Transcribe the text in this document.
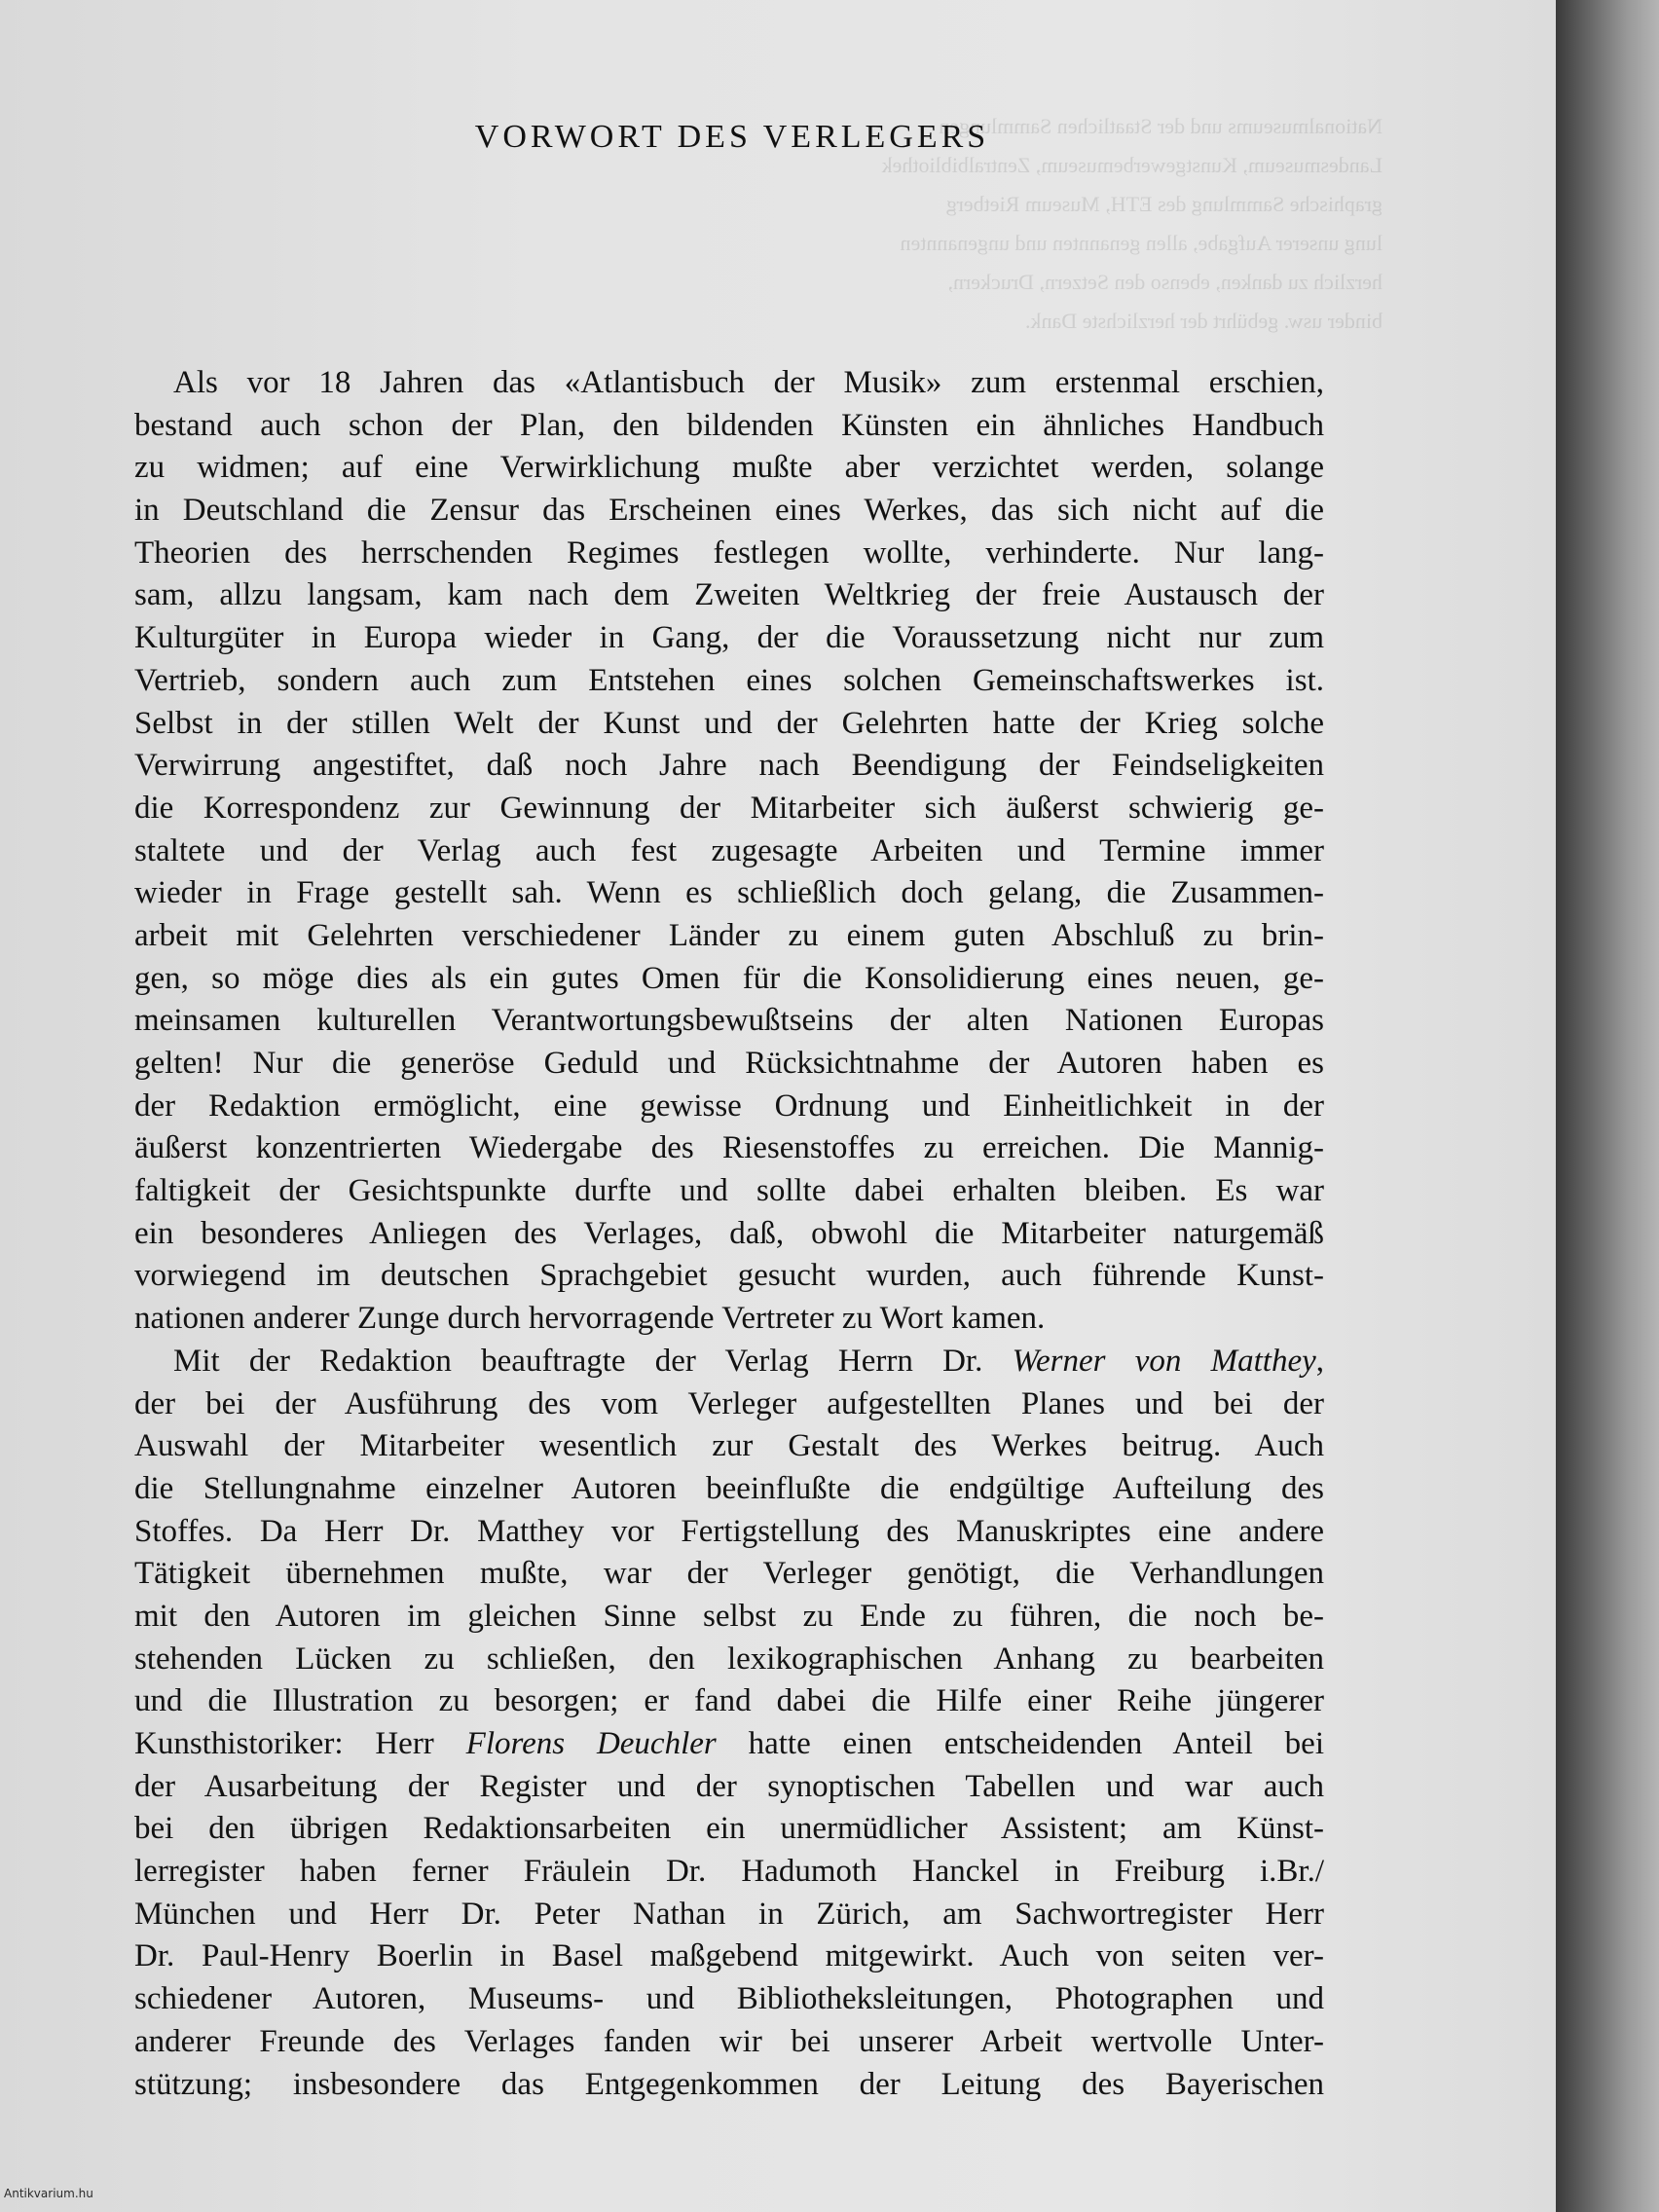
Nationalmuseums und der Staatlichen Sammlungen
Landesmuseum, Kunstgewerbemuseum, Zentralbibliothek
graphische Sammlung des ETH, Museum Rietberg
lung unserer Aufgabe, allen genannten und ungenannten
herzlich zu danken, ebenso den Setzern, Druckern,
binder usw. gebührt der herzlichste Dank.
VORWORT DES VERLEGERS
Als vor 18 Jahren das «Atlantisbuch der Musik» zum erstenmal erschien,
bestand auch schon der Plan, den bildenden Künsten ein ähnliches Handbuch
zu widmen; auf eine Verwirklichung mußte aber verzichtet werden, solange
in Deutschland die Zensur das Erscheinen eines Werkes, das sich nicht auf die
Theorien des herrschenden Regimes festlegen wollte, verhinderte. Nur lang-
sam, allzu langsam, kam nach dem Zweiten Weltkrieg der freie Austausch der
Kulturgüter in Europa wieder in Gang, der die Voraussetzung nicht nur zum
Vertrieb, sondern auch zum Entstehen eines solchen Gemeinschaftswerkes ist.
Selbst in der stillen Welt der Kunst und der Gelehrten hatte der Krieg solche
Verwirrung angestiftet, daß noch Jahre nach Beendigung der Feindseligkeiten
die Korrespondenz zur Gewinnung der Mitarbeiter sich äußerst schwierig ge-
staltete und der Verlag auch fest zugesagte Arbeiten und Termine immer
wieder in Frage gestellt sah. Wenn es schließlich doch gelang, die Zusammen-
arbeit mit Gelehrten verschiedener Länder zu einem guten Abschluß zu brin-
gen, so möge dies als ein gutes Omen für die Konsolidierung eines neuen, ge-
meinsamen kulturellen Verantwortungsbewußtseins der alten Nationen Europas
gelten! Nur die generöse Geduld und Rücksichtnahme der Autoren haben es
der Redaktion ermöglicht, eine gewisse Ordnung und Einheitlichkeit in der
äußerst konzentrierten Wiedergabe des Riesenstoffes zu erreichen. Die Mannig-
faltigkeit der Gesichtspunkte durfte und sollte dabei erhalten bleiben. Es war
ein besonderes Anliegen des Verlages, daß, obwohl die Mitarbeiter naturgemäß
vorwiegend im deutschen Sprachgebiet gesucht wurden, auch führende Kunst-
nationen anderer Zunge durch hervorragende Vertreter zu Wort kamen.
Mit der Redaktion beauftragte der Verlag Herrn Dr. Werner von Matthey,
der bei der Ausführung des vom Verleger aufgestellten Planes und bei der
Auswahl der Mitarbeiter wesentlich zur Gestalt des Werkes beitrug. Auch
die Stellungnahme einzelner Autoren beeinflußte die endgültige Aufteilung des
Stoffes. Da Herr Dr. Matthey vor Fertigstellung des Manuskriptes eine andere
Tätigkeit übernehmen mußte, war der Verleger genötigt, die Verhandlungen
mit den Autoren im gleichen Sinne selbst zu Ende zu führen, die noch be-
stehenden Lücken zu schließen, den lexikographischen Anhang zu bearbeiten
und die Illustration zu besorgen; er fand dabei die Hilfe einer Reihe jüngerer
Kunsthistoriker: Herr Florens Deuchler hatte einen entscheidenden Anteil bei
der Ausarbeitung der Register und der synoptischen Tabellen und war auch
bei den übrigen Redaktionsarbeiten ein unermüdlicher Assistent; am Künst-
lerregister haben ferner Fräulein Dr. Hadumoth Hanckel in Freiburg i.Br./
München und Herr Dr. Peter Nathan in Zürich, am Sachwortregister Herr
Dr. Paul-Henry Boerlin in Basel maßgebend mitgewirkt. Auch von seiten ver-
schiedener Autoren, Museums- und Bibliotheksleitungen, Photographen und
anderer Freunde des Verlages fanden wir bei unserer Arbeit wertvolle Unter-
stützung; insbesondere das Entgegenkommen der Leitung des Bayerischen
Antikvarium.hu
